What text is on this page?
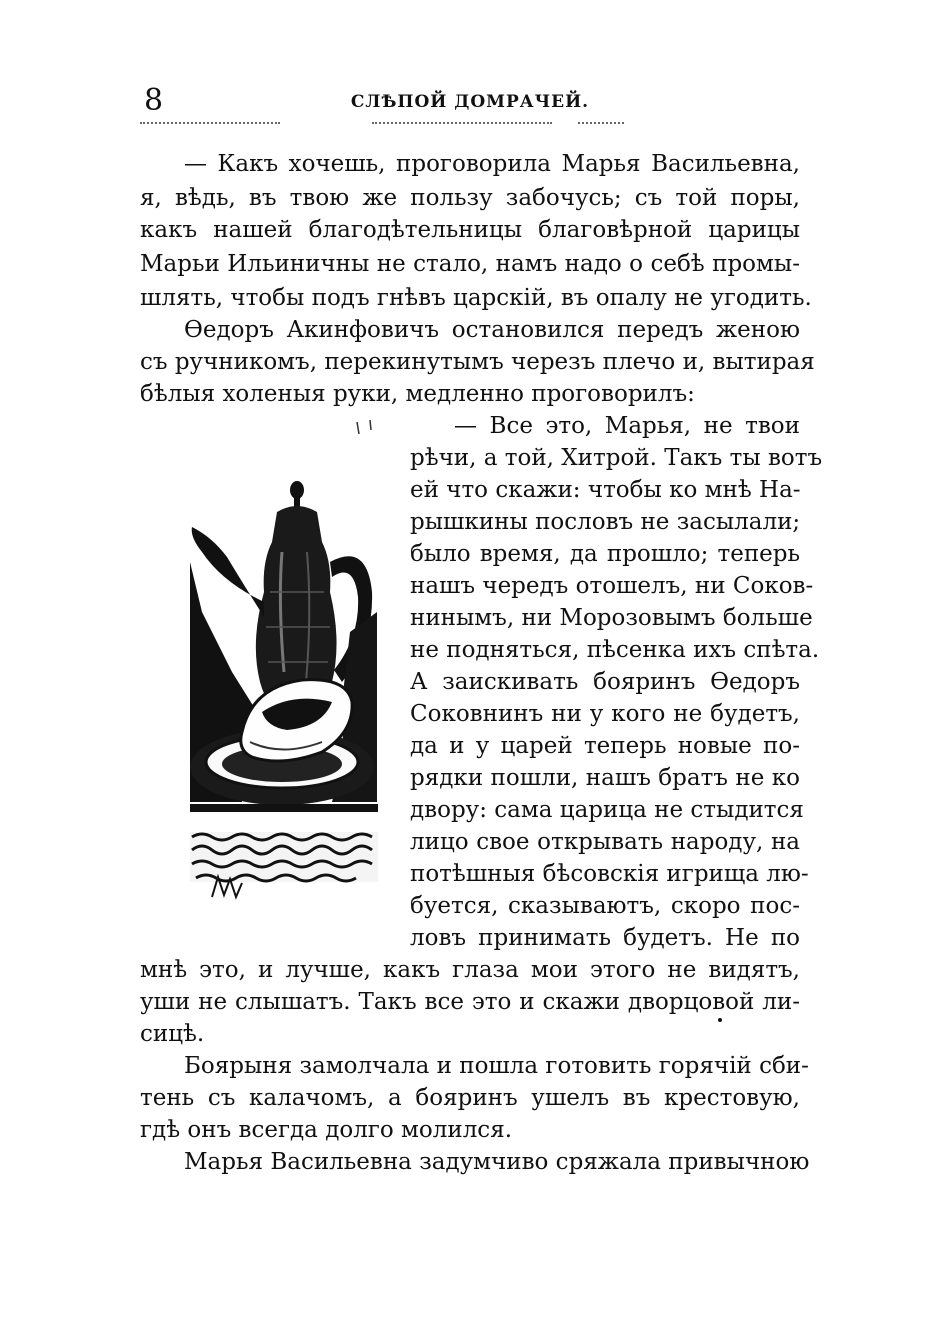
8	СЛѢПОЙ ДОМРАЧЕЙ.
— Какъ хочешь, проговорила Марья Васильевна,
я, вѣдь, въ твою же пользу забочусь; съ той поры,
какъ нашей благодѣтельницы благовѣрной царицы
Марьи Ильиничны не стало, намъ надо о себѣ промы-
шлять, чтобы подъ гнѣвъ царскій, въ опалу не угодить.
Ѳедоръ Акинфовичъ остановился передъ женою
съ ручникомъ, перекинутымъ черезъ плечо и, вытирая
бѣлыя холеныя руки, медленно проговорилъ:
— Все это, Марья, не твои
рѣчи, а той, Хитрой. Такъ ты вотъ
ей что скажи: чтобы ко мнѣ На-
рышкины пословъ не засылали;
было время, да прошло; теперь
нашъ чередъ отошелъ, ни Соков-
нинымъ, ни Морозовымъ больше
не подняться, пѣсенка ихъ спѣта.
А заискивать бояринъ Ѳедоръ
Соковнинъ ни у кого не будетъ,
да и у царей теперь новые по-
рядки пошли, нашъ братъ не ко
двору: сама царица не стыдится
лицо свое открывать народу, на
потѣшныя бѣсовскія игрища лю-
буется, сказываютъ, скоро пос-
ловъ принимать будетъ. Не по
мнѣ это, и лучше, какъ глаза мои этого не видятъ,
уши не слышатъ. Такъ все это и скажи дворцовой ли-
сицѣ.
Боярыня замолчала и пошла готовить горячій сби-
тень съ калачомъ, а бояринъ ушелъ въ крестовую,
гдѣ онъ всегда долго молился.
Марья Васильевна задумчиво сряжала привычною
